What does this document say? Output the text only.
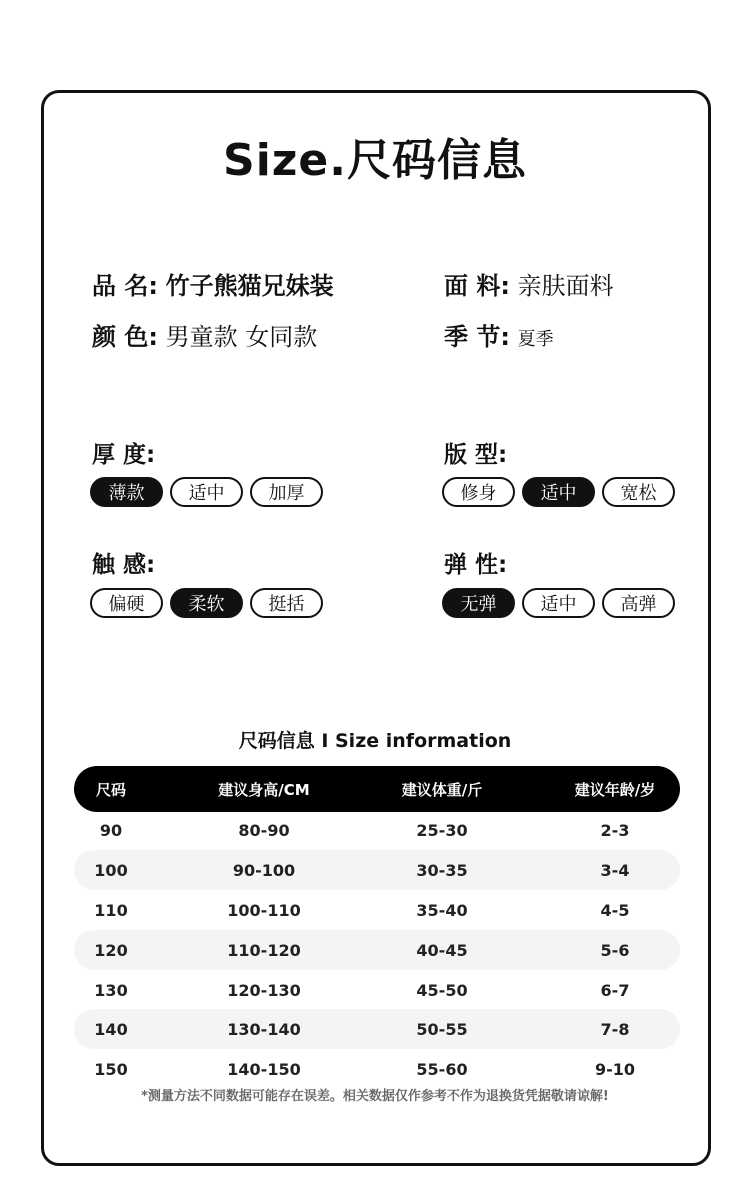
Size.尺码信息
品 名: 竹子熊猫兄妹装	面 料: 亲肤面料
颜 色: 男童款 女同款	季 节: 夏季
厚 度:
薄款	适中	加厚
版 型:
修身	适中	宽松
触 感:
偏硬	柔软	挺括
弹 性:
无弹	适中	高弹
尺码信息 I Size information
尺码	建议身高/CM	建议体重/斤	建议年龄/岁
90	80-90	25-30	2-3
100	90-100	30-35	3-4
110	100-110	35-40	4-5
120	110-120	40-45	5-6
130	120-130	45-50	6-7
140	130-140	50-55	7-8
150	140-150	55-60	9-10
*测量方法不同数据可能存在误差。相关数据仅作参考不作为退换货凭据敬请谅解!
